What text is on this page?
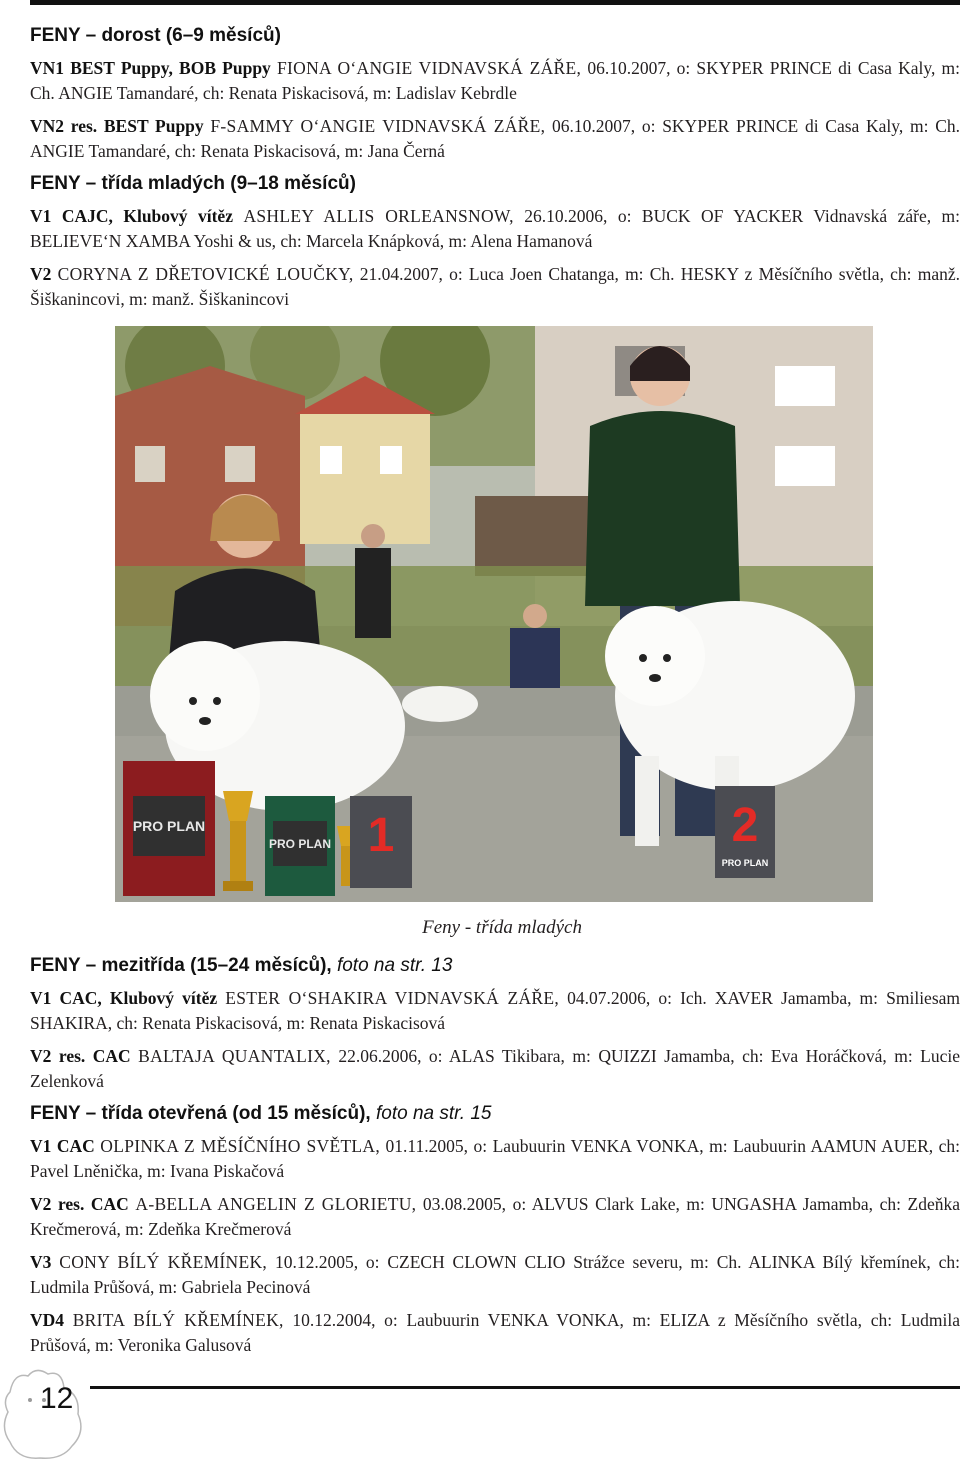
FENY – dorost (6–9 měsíců)

VN1 BEST Puppy, BOB Puppy FIONA O‘ANGIE VIDNAVSKÁ ZÁŘE, 06.10.2007, o: SKYPER PRINCE di Casa Kaly, m: Ch. ANGIE Tamandaré, ch: Renata Piskacisová, m: Ladislav Kebrdle

VN2 res. BEST Puppy F-SAMMY O‘ANGIE VIDNAVSKÁ ZÁŘE, 06.10.2007, o: SKYPER PRINCE di Casa Kaly, m: Ch. ANGIE Tamandaré, ch: Renata Piskacisová, m: Jana Černá

FENY – třída mladých (9–18 měsíců)

V1 CAJC, Klubový vítěz ASHLEY ALLIS ORLEANSNOW, 26.10.2006, o: BUCK OF YACKER Vidnavská záře, m: BELIEVE‘N XAMBA Yoshi & us, ch: Marcela Knápková, m: Alena Hamanová

V2 CORYNA Z DŘETOVICKÉ LOUČKY, 21.04.2007, o: Luca Joen Chatanga, m: Ch. HESKY z Měsíčního světla, ch: manž. Šiškanincovi, m: manž. Šiškanincovi

1	2
PRO PLAN
PRO PLAN
PRO PLAN
Feny - třída mladých
FENY – mezitřída (15–24 měsíců), foto na str. 13

V1 CAC, Klubový vítěz ESTER O‘SHAKIRA VIDNAVSKÁ ZÁŘE, 04.07.2006, o: Ich. XAVER Jamamba, m: Smiliesam SHAKIRA, ch: Renata Piskacisová, m: Renata Piskacisová

V2 res. CAC BALTAJA QUANTALIX, 22.06.2006, o: ALAS Tikibara, m: QUIZZI Jamamba, ch: Eva Horáčková, m: Lucie Zelenková

FENY – třída otevřená (od 15 měsíců), foto na str. 15

V1 CAC OLPINKA Z MĚSÍČNÍHO SVĚTLA, 01.11.2005, o: Laubuurin VENKA VONKA, m: Laubuurin AAMUN AUER, ch: Pavel Lněnička, m: Ivana Piskačová

V2 res. CAC A-BELLA ANGELIN Z GLORIETU, 03.08.2005, o: ALVUS Clark Lake, m: UNGASHA Jamamba, ch: Zdeňka Krečmerová, m: Zdeňka Krečmerová

V3 CONY BÍLÝ KŘEMÍNEK, 10.12.2005, o: CZECH CLOWN CLIO Strážce severu, m: Ch. ALINKA Bílý křemínek, ch: Ludmila Průšová, m: Gabriela Pecinová

VD4 BRITA BÍLÝ KŘEMÍNEK, 10.12.2004, o: Laubuurin VENKA VONKA, m: ELIZA z Měsíčního světla, ch: Ludmila Průšová, m: Veronika Galusová

12
